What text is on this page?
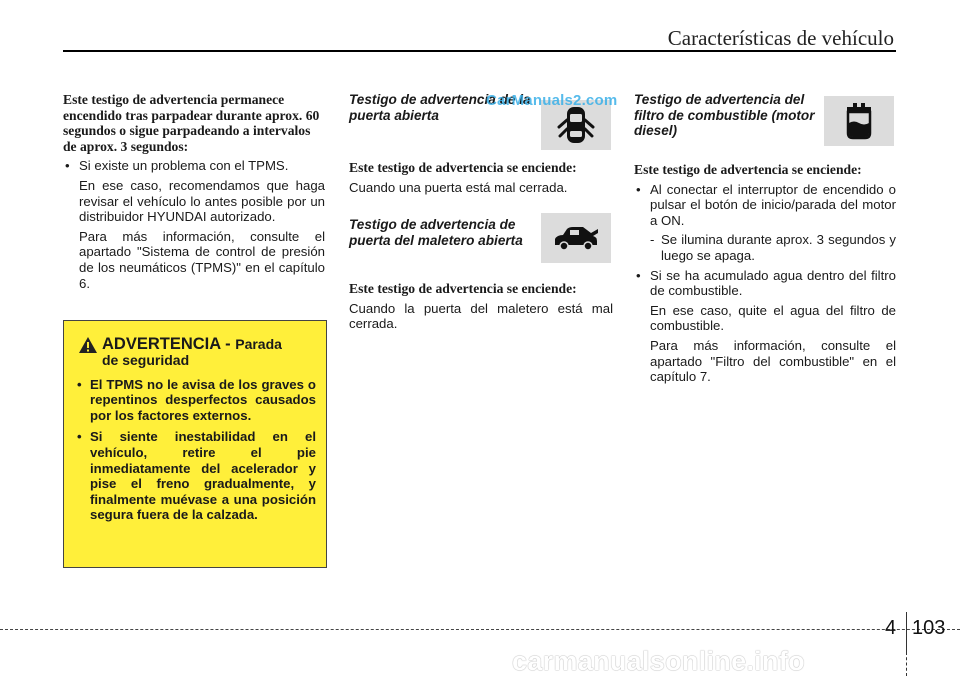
Características de vehículo
Este testigo de advertencia permanece encendido tras parpadear durante aprox. 60 segundos o sigue parpadeando a intervalos de aprox. 3 segundos:
• Si existe un problema con el TPMS.
En ese caso, recomendamos que haga revisar el vehículo lo antes posible por un distribuidor HYUNDAI autorizado.
Para más información, consulte el apartado "Sistema de control de presión de los neumáticos (TPMS)" en el capítulo 6.
ADVERTENCIA - Parada
de seguridad
• El TPMS no le avisa de los graves o repentinos desperfectos causados por los factores externos.
• Si siente inestabilidad en el vehículo, retire el pie inmediatamente del acelerador y pise el freno gradualmente, y finalmente muévase a una posición segura fuera de la calzada.
Testigo de advertencia de la puerta abierta
Este testigo de advertencia se enciende:
Cuando una puerta está mal cerrada.
Testigo de advertencia de puerta del maletero abierta
Este testigo de advertencia se enciende:
Cuando la puerta del maletero está mal cerrada.
Testigo de advertencia del filtro de combustible (motor diesel)
Este testigo de advertencia se enciende:
• Al conectar el interruptor de encendido o pulsar el botón de inicio/parada del motor a ON.
- Se ilumina durante aprox. 3 segundos y luego se apaga.
• Si se ha acumulado agua dentro del filtro de combustible.
En ese caso, quite el agua del filtro de combustible.
Para más información, consulte el apartado "Filtro del combustible" en el capítulo 7.
CarManuals2.com
4 103
carmanualsonline.info
